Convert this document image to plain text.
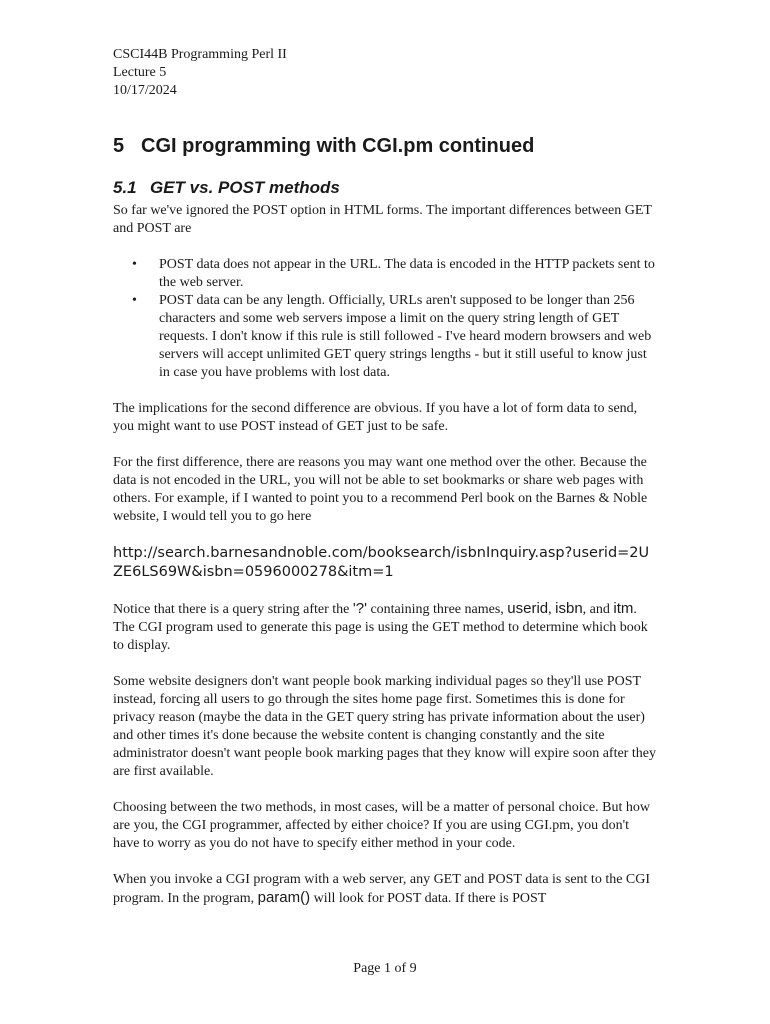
CSCI44B Programming Perl II

Lecture 5

10/17/2024

5 CGI programming with CGI.pm continued
5.1 GET vs. POST methods

So far we've ignored the POST option in HTML forms. The important differences between GET and POST are

• POST data does not appear in the URL. The data is encoded in the HTTP packets sent to the web server.
• POST data can be any length. Officially, URLs aren't supposed to be longer than 256 characters and some web servers impose a limit on the query string length of GET requests. I don't know if this rule is still followed - I've heard modern browsers and web servers will accept unlimited GET query strings lengths - but it still useful to know just in case you have problems with lost data.

The implications for the second difference are obvious. If you have a lot of form data to send, you might want to use POST instead of GET just to be safe.

For the first difference, there are reasons you may want one method over the other. Because the data is not encoded in the URL, you will not be able to set bookmarks or share web pages with others. For example, if I wanted to point you to a recommend Perl book on the Barnes & Noble website, I would tell you to go here

http://search.barnesandnoble.com/booksearch/isbnInquiry.asp?userid=2UZE6LS69W&isbn=0596000278&itm=1

Notice that there is a query string after the '?' containing three names, userid, isbn, and itm. The CGI program used to generate this page is using the GET method to determine which book to display.

Some website designers don't want people book marking individual pages so they'll use POST instead, forcing all users to go through the sites home page first. Sometimes this is done for privacy reason (maybe the data in the GET query string has private information about the user) and other times it's done because the website content is changing constantly and the site administrator doesn't want people book marking pages that they know will expire soon after they are first available.

Choosing between the two methods, in most cases, will be a matter of personal choice. But how are you, the CGI programmer, affected by either choice? If you are using CGI.pm, you don't have to worry as you do not have to specify either method in your code.

When you invoke a CGI program with a web server, any GET and POST data is sent to the CGI program. In the program, param() will look for POST data. If there is POST

Page 1 of 9
